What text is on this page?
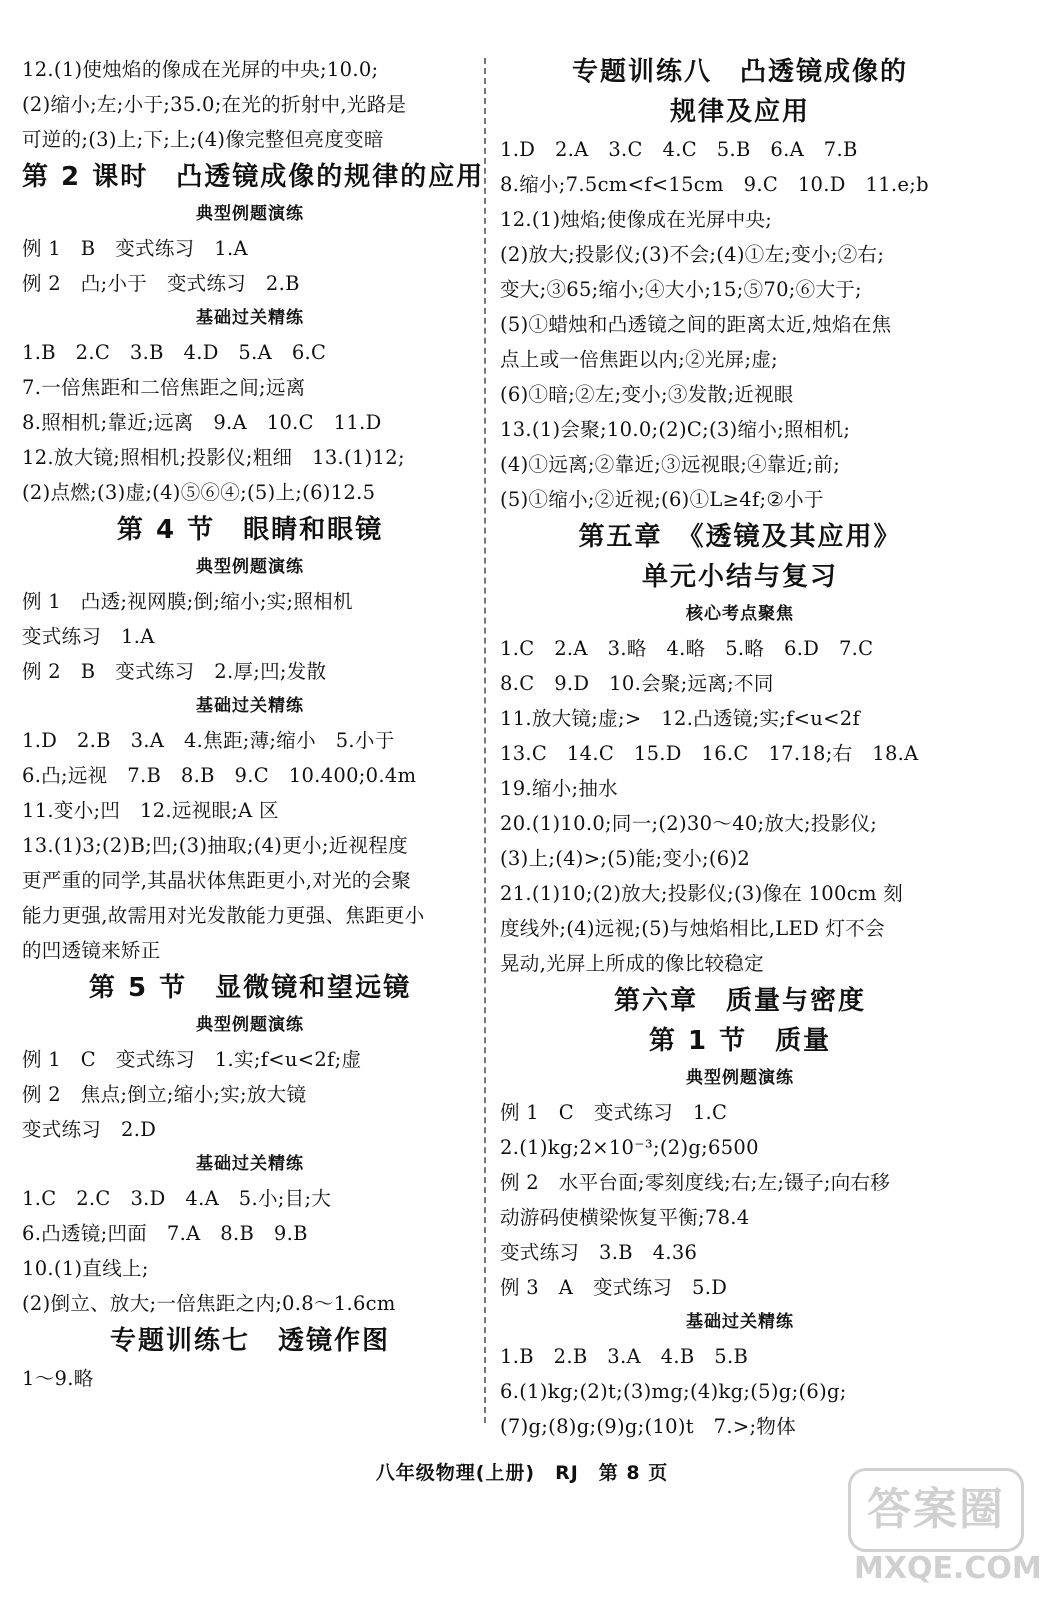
12.(1)使烛焰的像成在光屏的中央;10.0;
(2)缩小;左;小于;35.0;在光的折射中,光路是
可逆的;(3)上;下;上;(4)像完整但亮度变暗
第 2 课时　凸透镜成像的规律的应用
典型例题演练
例 1　B　变式练习　1.A
例 2　凸;小于　变式练习　2.B
基础过关精练
1.B　2.C　3.B　4.D　5.A　6.C
7.一倍焦距和二倍焦距之间;远离
8.照相机;靠近;远离　9.A　10.C　11.D
12.放大镜;照相机;投影仪;粗细　13.(1)12;
(2)点燃;(3)虚;(4)⑤⑥④;(5)上;(6)12.5
第 4 节　眼睛和眼镜
典型例题演练
例 1　凸透;视网膜;倒;缩小;实;照相机
变式练习　1.A
例 2　B　变式练习　2.厚;凹;发散
基础过关精练
1.D　2.B　3.A　4.焦距;薄;缩小　5.小于
6.凸;远视　7.B　8.B　9.C　10.400;0.4m
11.变小;凹　12.远视眼;A 区
13.(1)3;(2)B;凹;(3)抽取;(4)更小;近视程度
更严重的同学,其晶状体焦距更小,对光的会聚
能力更强,故需用对光发散能力更强、焦距更小
的凹透镜来矫正
第 5 节　显微镜和望远镜
典型例题演练
例 1　C　变式练习　1.实;f<u<2f;虚
例 2　焦点;倒立;缩小;实;放大镜
变式练习　2.D
基础过关精练
1.C　2.C　3.D　4.A　5.小;目;大
6.凸透镜;凹面　7.A　8.B　9.B
10.(1)直线上;
(2)倒立、放大;一倍焦距之内;0.8～1.6cm
专题训练七　透镜作图
1～9.略
专题训练八　凸透镜成像的
规律及应用
1.D　2.A　3.C　4.C　5.B　6.A　7.B
8.缩小;7.5cm<f<15cm　9.C　10.D　11.e;b
12.(1)烛焰;使像成在光屏中央;
(2)放大;投影仪;(3)不会;(4)①左;变小;②右;
变大;③65;缩小;④大小;15;⑤70;⑥大于;
(5)①蜡烛和凸透镜之间的距离太近,烛焰在焦
点上或一倍焦距以内;②光屏;虚;
(6)①暗;②左;变小;③发散;近视眼
13.(1)会聚;10.0;(2)C;(3)缩小;照相机;
(4)①远离;②靠近;③远视眼;④靠近;前;
(5)①缩小;②近视;(6)①L≥4f;②小于
第五章　《透镜及其应用》
单元小结与复习
核心考点聚焦
1.C　2.A　3.略　4.略　5.略　6.D　7.C
8.C　9.D　10.会聚;远离;不同
11.放大镜;虚;>　12.凸透镜;实;f<u<2f
13.C　14.C　15.D　16.C　17.18;右　18.A
19.缩小;抽水
20.(1)10.0;同一;(2)30～40;放大;投影仪;
(3)上;(4)>;(5)能;变小;(6)2
21.(1)10;(2)放大;投影仪;(3)像在 100cm 刻
度线外;(4)远视;(5)与烛焰相比,LED 灯不会
晃动,光屏上所成的像比较稳定
第六章　质量与密度
第 1 节　质量
典型例题演练
例 1　C　变式练习　1.C
2.(1)kg;2×10⁻³;(2)g;6500
例 2　水平台面;零刻度线;右;左;镊子;向右移
动游码使横梁恢复平衡;78.4
变式练习　3.B　4.36
例 3　A　变式练习　5.D
基础过关精练
1.B　2.B　3.A　4.B　5.B
6.(1)kg;(2)t;(3)mg;(4)kg;(5)g;(6)g;
(7)g;(8)g;(9)g;(10)t　7.>;物体
八年级物理(上册)　RJ　第 8 页
答案圈
MXQE.COM
